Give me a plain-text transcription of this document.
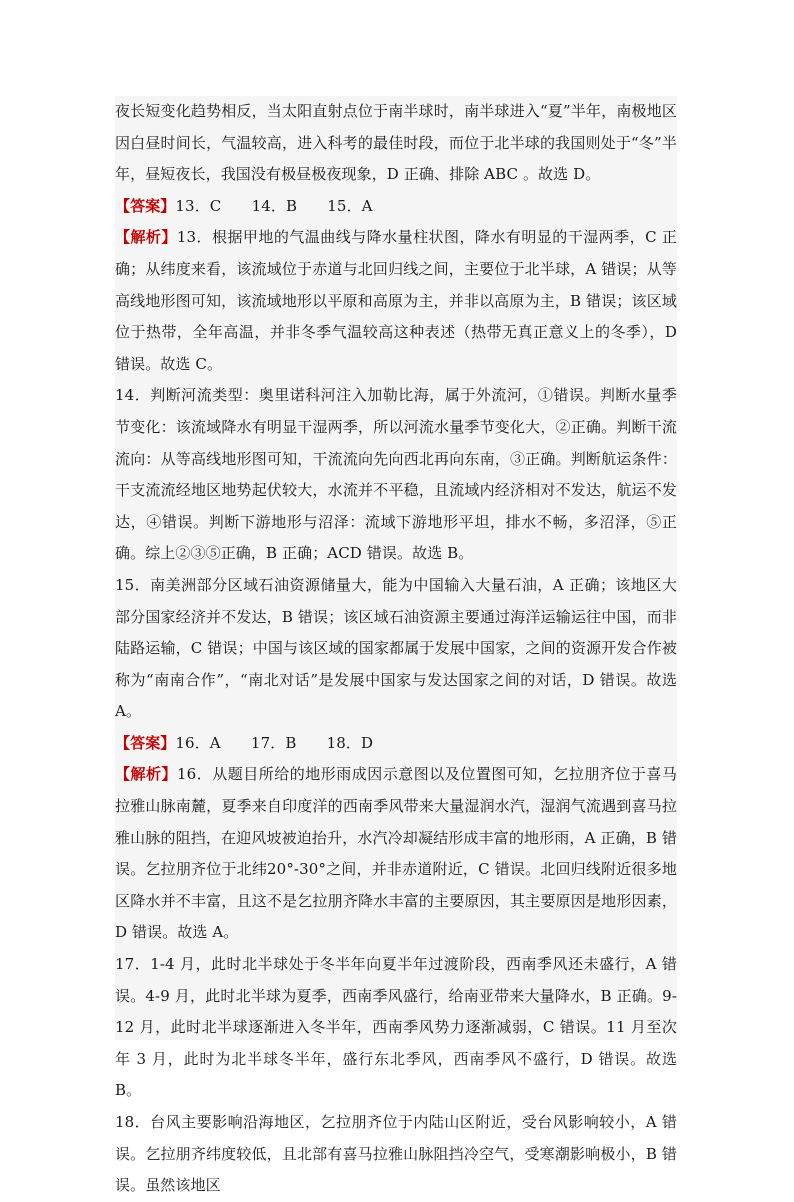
夜长短变化趋势相反，当太阳直射点位于南半球时，南半球进入“夏”半年，南极地区因白昼时间长，气温较高，进入科考的最佳时段，而位于北半球的我国则处于“冬”半年，昼短夜长，我国没有极昼极夜现象，D 正确、排除 ABC 。故选 D。

【答案】13．C　　14．B　　15．A

【解析】13．根据甲地的气温曲线与降水量柱状图，降水有明显的干湿两季，C 正确；从纬度来看，该流域位于赤道与北回归线之间，主要位于北半球，A 错误；从等高线地形图可知，该流域地形以平原和高原为主，并非以高原为主，B 错误；该区域位于热带，全年高温，并非冬季气温较高这种表述（热带无真正意义上的冬季），D 错误。故选 C。

14．判断河流类型：奥里诺科河注入加勒比海，属于外流河，①错误。判断水量季节变化：该流域降水有明显干湿两季，所以河流水量季节变化大，②正确。判断干流流向：从等高线地形图可知，干流流向先向西北再向东南，③正确。判断航运条件：干支流流经地区地势起伏较大，水流并不平稳，且流域内经济相对不发达，航运不发达，④错误。判断下游地形与沼泽：流域下游地形平坦，排水不畅，多沼泽，⑤正确。综上②③⑤正确，B 正确；ACD 错误。故选 B。

15．南美洲部分区域石油资源储量大，能为中国输入大量石油，A 正确；该地区大部分国家经济并不发达，B 错误；该区域石油资源主要通过海洋运输运往中国，而非陆路运输，C 错误；中国与该区域的国家都属于发展中国家，之间的资源开发合作被称为“南南合作”，“南北对话”是发展中国家与发达国家之间的对话，D 错误。故选 A。

【答案】16．A　　17．B　　18．D

【解析】16．从题目所给的地形雨成因示意图以及位置图可知，乞拉朋齐位于喜马拉雅山脉南麓，夏季来自印度洋的西南季风带来大量湿润水汽，湿润气流遇到喜马拉雅山脉的阻挡，在迎风坡被迫抬升，水汽冷却凝结形成丰富的地形雨，A 正确，B 错误。乞拉朋齐位于北纬20°-30°之间，并非赤道附近，C 错误。北回归线附近很多地区降水并不丰富，且这不是乞拉朋齐降水丰富的主要原因，其主要原因是地形因素，D 错误。故选 A。

17．1-4 月，此时北半球处于冬半年向夏半年过渡阶段，西南季风还未盛行，A 错误。4-9 月，此时北半球为夏季，西南季风盛行，给南亚带来大量降水，B 正确。9-12 月，此时北半球逐渐进入冬半年，西南季风势力逐渐减弱，C 错误。11 月至次年 3 月，此时为北半球冬半年，盛行东北季风，西南季风不盛行，D 错误。故选 B。

18．台风主要影响沿海地区，乞拉朋齐位于内陆山区附近，受台风影响较小，A 错误。乞拉朋齐纬度较低，且北部有喜马拉雅山脉阻挡冷空气，受寒潮影响极小，B 错误。虽然该地区
